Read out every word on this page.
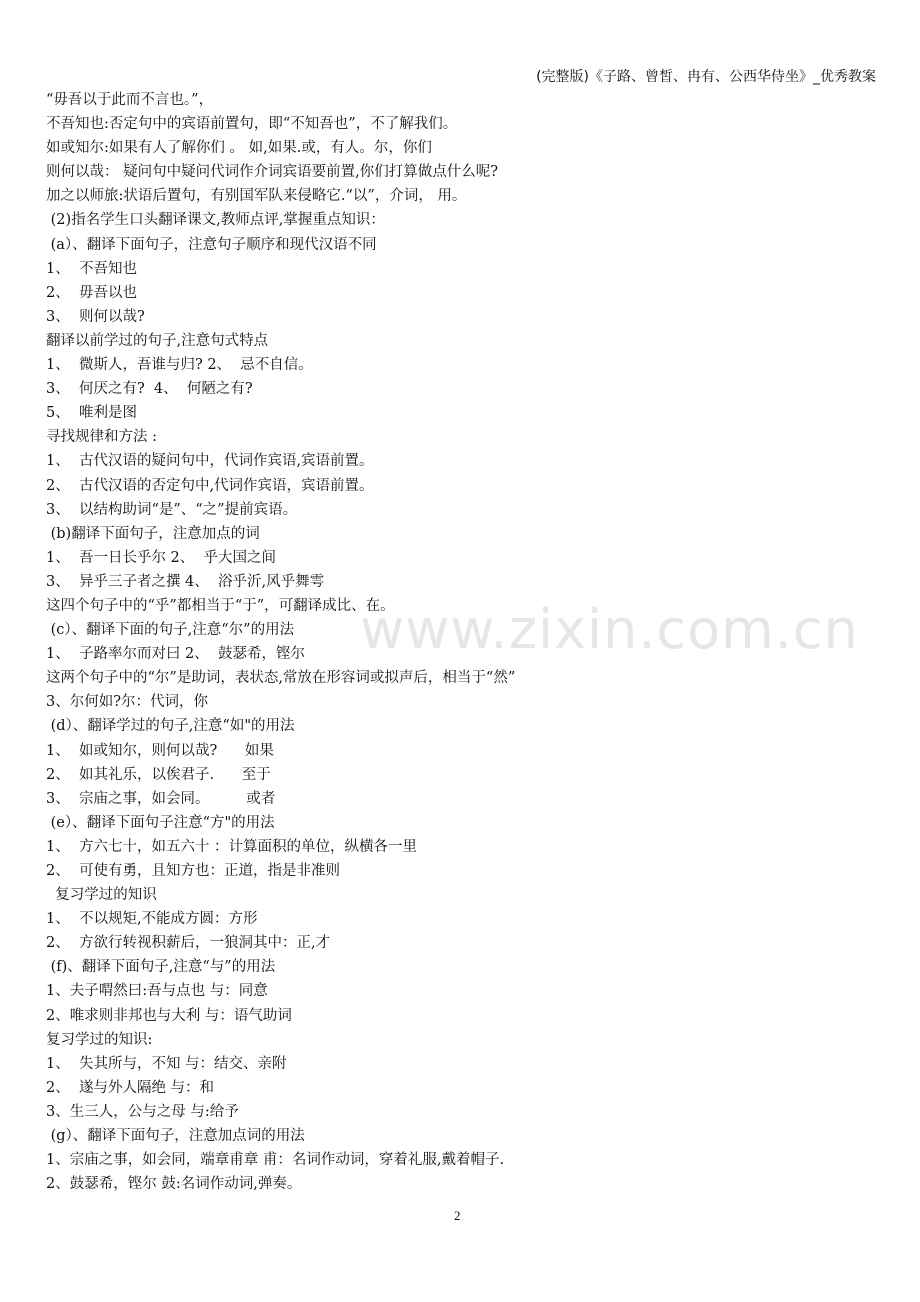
(完整版)《子路、曾皙、冉有、公西华侍坐》_优秀教案
www.zixin.com.cn
“毋吾以于此而不言也。”，
不吾知也:否定句中的宾语前置句，即“不知吾也”，不了解我们。
如或知尔:如果有人了解你们 。 如,如果.或，有人。尔，你们
则何以哉： 疑问句中疑问代词作介词宾语要前置,你们打算做点什么呢?
加之以师旅:状语后置句，有别国军队来侵略它.“以”，介词， 用。
(2)指名学生口头翻译课文,教师点评,掌握重点知识：
(a）、翻译下面句子，注意句子顺序和现代汉语不同
1、  不吾知也
2、  毋吾以也
3、  则何以哉?
翻译以前学过的句子,注意句式特点
1、  微斯人，吾谁与归? 2、  忌不自信。
3、  何厌之有?  4、  何陋之有?
5、  唯利是图
寻找规律和方法 :
1、  古代汉语的疑问句中，代词作宾语,宾语前置。
2、  古代汉语的否定句中,代词作宾语，宾语前置。
3、  以结构助词“是”、“之”提前宾语。
(b)翻译下面句子，注意加点的词
1、  吾一日长乎尔 2、  乎大国之间
3、  异乎三子者之撰 4、  浴乎沂,风乎舞雩
这四个句子中的“乎”都相当于“于”，可翻译成比、在。
(c）、翻译下面的句子,注意“尔”的用法
1、  子路率尔而对曰 2、  鼓瑟希，铿尔
这两个句子中的“尔”是助词，表状态,常放在形容词或拟声后，相当于“然”
3、尔何如?尔：代词，你
(d）、翻译学过的句子,注意“如"的用法
1、  如或知尔，则何以哉?      如果
2、  如其礼乐，以俟君子.      至于
3、  宗庙之事，如会同。        或者
(e）、翻译下面句子注意“方"的用法
1、  方六七十，如五六十 ：计算面积的单位，纵横各一里
2、  可使有勇，且知方也：正道，指是非准则
复习学过的知识
1、  不以规矩,不能成方圆：方形
2、  方欲行转视积薪后，一狼洞其中：正,才
(f)、翻译下面句子,注意“与”的用法
1、夫子喟然曰:吾与点也 与：同意
2、唯求则非邦也与大利 与：语气助词
复习学过的知识:
1、  失其所与，不知 与：结交、亲附
2、  遂与外人隔绝 与：和
3、生三人，公与之母 与:给予
(g）、翻译下面句子，注意加点词的用法
1、宗庙之事，如会同，端章甫章 甫：名词作动词，穿着礼服,戴着帽子.
2、鼓瑟希，铿尔 鼓:名词作动词,弹奏。
2
